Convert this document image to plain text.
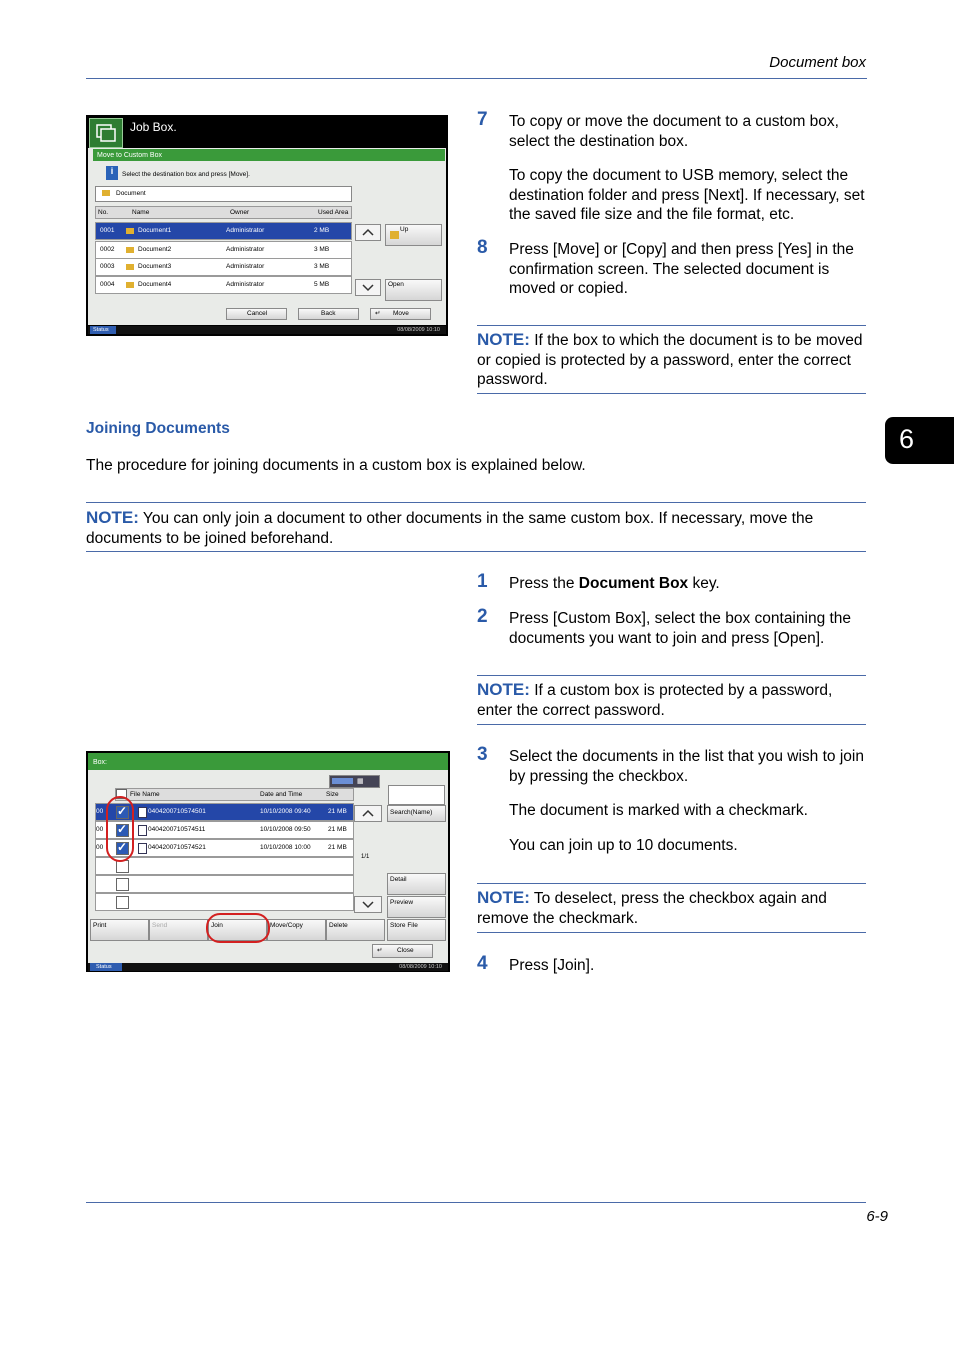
Document box
6
Job Box.
Move to Custom Box
i	Select the destination box and press [Move].
Document
No.	Name	Owner	Used Area
0001	Document1	Administrator	2 MB
0002	Document2	Administrator	3 MB
0003	Document3	Administrator	3 MB
0004	Document4	Administrator	5 MB
Up
Open
Cancel	Back	↵ Move
Status	08/08/2009 10:10
7 To copy or move the document to a custom box, select the destination box.
To copy the document to USB memory, select the destination folder and press [Next]. If necessary, set the saved file size and the file format, etc.
8 Press [Move] or [Copy] and then press [Yes] in the confirmation screen. The selected document is moved or copied.
NOTE: If the box to which the document is to be moved or copied is protected by a password, enter the correct password.
Joining Documents
The procedure for joining documents in a custom box is explained below.
NOTE: You can only join a document to other documents in the same custom box. If necessary, move the documents to be joined beforehand.
1 Press the Document Box key.
2 Press [Custom Box], select the box containing the documents you want to join and press [Open].
NOTE: If a custom box is protected by a password, enter the correct password.
3 Select the documents in the list that you wish to join by pressing the checkbox.
The document is marked with a checkmark.
You can join up to 10 documents.
NOTE: To deselect, press the checkbox again and remove the checkmark.
4 Press [Join].
Box:
▦
File Name	Date and Time	Size
✓
00	0404200710574501	10/10/2008 09:40	21 MB
✓
00	0404200710574511	10/10/2008 09:50	21 MB
✓
00	0404200710574521	10/10/2008 10:00	21 MB
1/1
Search(Name)
Detail
Preview
Print	Send	Join	Move/Copy	Delete	Store File
↵ Close
Status	08/08/2009 10:10
6-9
